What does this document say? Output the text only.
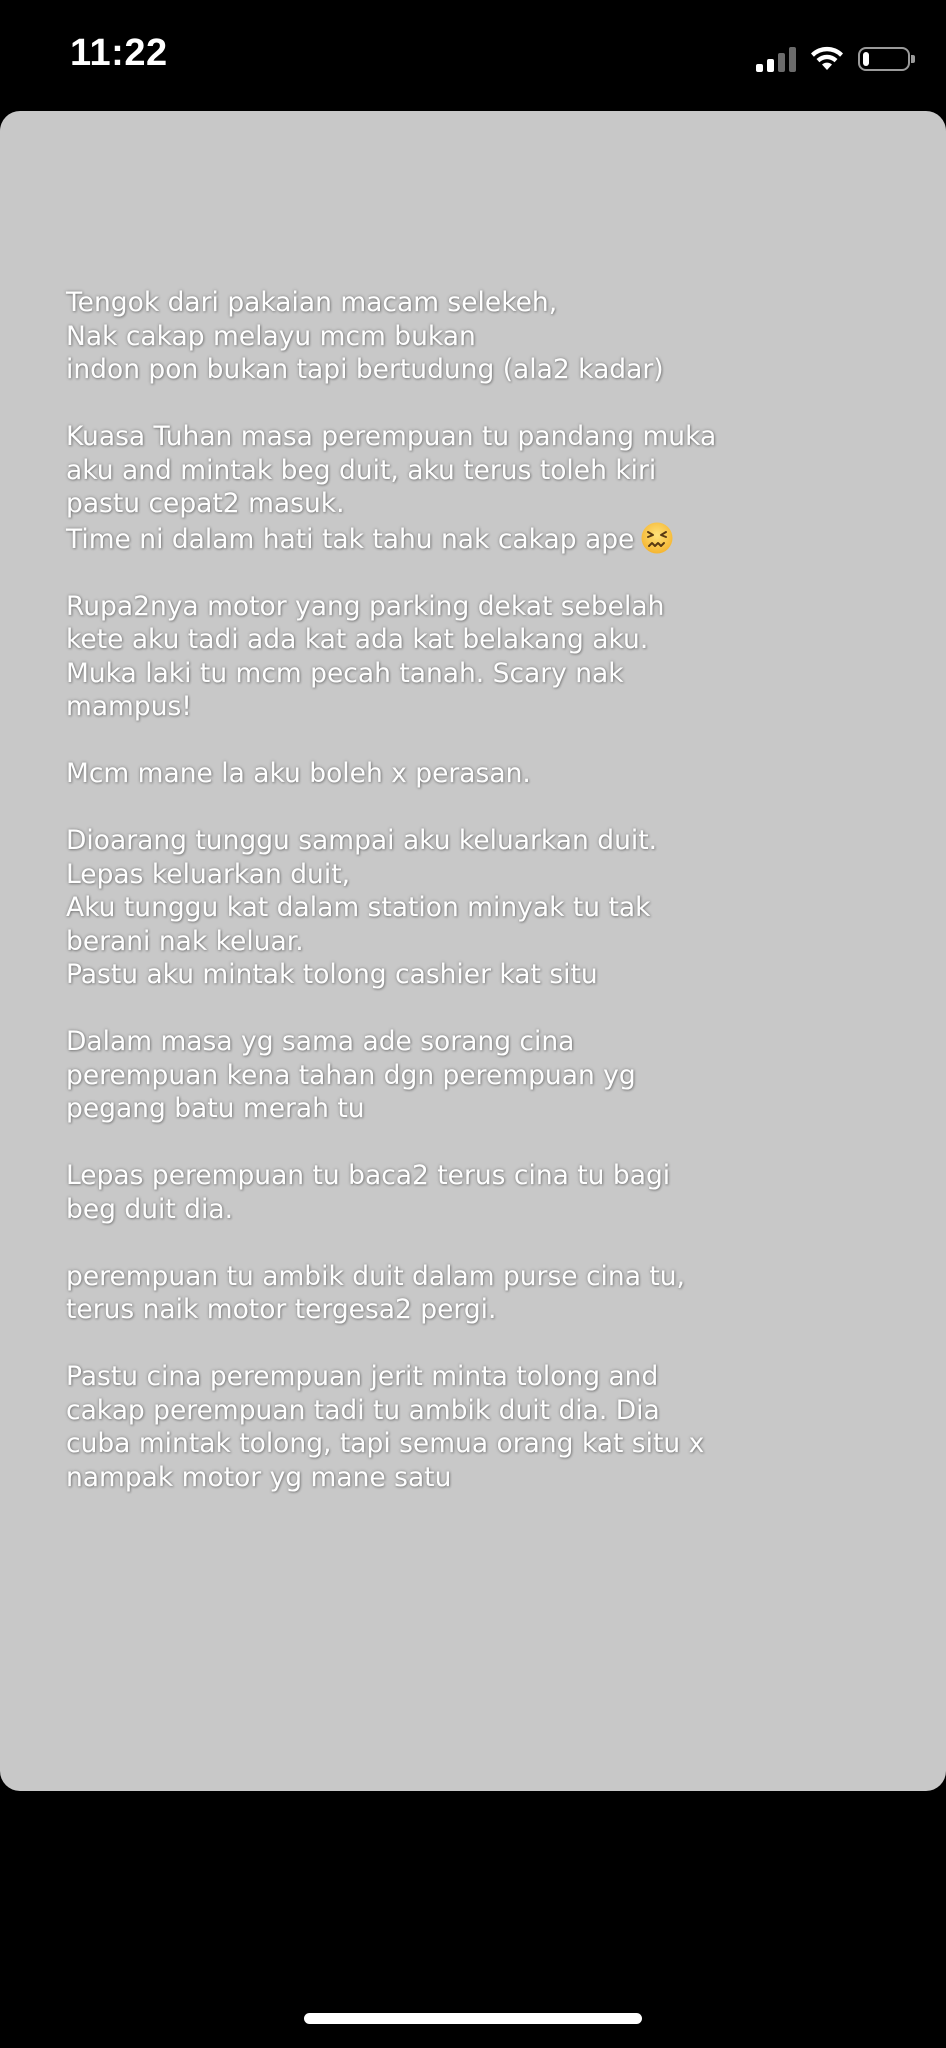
11:22
Tengok dari pakaian macam selekeh,
Nak cakap melayu mcm bukan
indon pon bukan tapi bertudung (ala2 kadar)
Kuasa Tuhan masa perempuan tu pandang muka
aku and mintak beg duit, aku terus toleh kiri
pastu cepat2 masuk.
Time ni dalam hati tak tahu nak cakap ape
Rupa2nya motor yang parking dekat sebelah
kete aku tadi ada kat ada kat belakang aku.
Muka laki tu mcm pecah tanah. Scary nak
mampus!
Mcm mane la aku boleh x perasan.
Dioarang tunggu sampai aku keluarkan duit.
Lepas keluarkan duit,
Aku tunggu kat dalam station minyak tu tak
berani nak keluar.
Pastu aku mintak tolong cashier kat situ
Dalam masa yg sama ade sorang cina
perempuan kena tahan dgn perempuan yg
pegang batu merah tu
Lepas perempuan tu baca2 terus cina tu bagi
beg duit dia.
perempuan tu ambik duit dalam purse cina tu,
terus naik motor tergesa2 pergi.
Pastu cina perempuan jerit minta tolong and
cakap perempuan tadi tu ambik duit dia. Dia
cuba mintak tolong, tapi semua orang kat situ x
nampak motor yg mane satu
